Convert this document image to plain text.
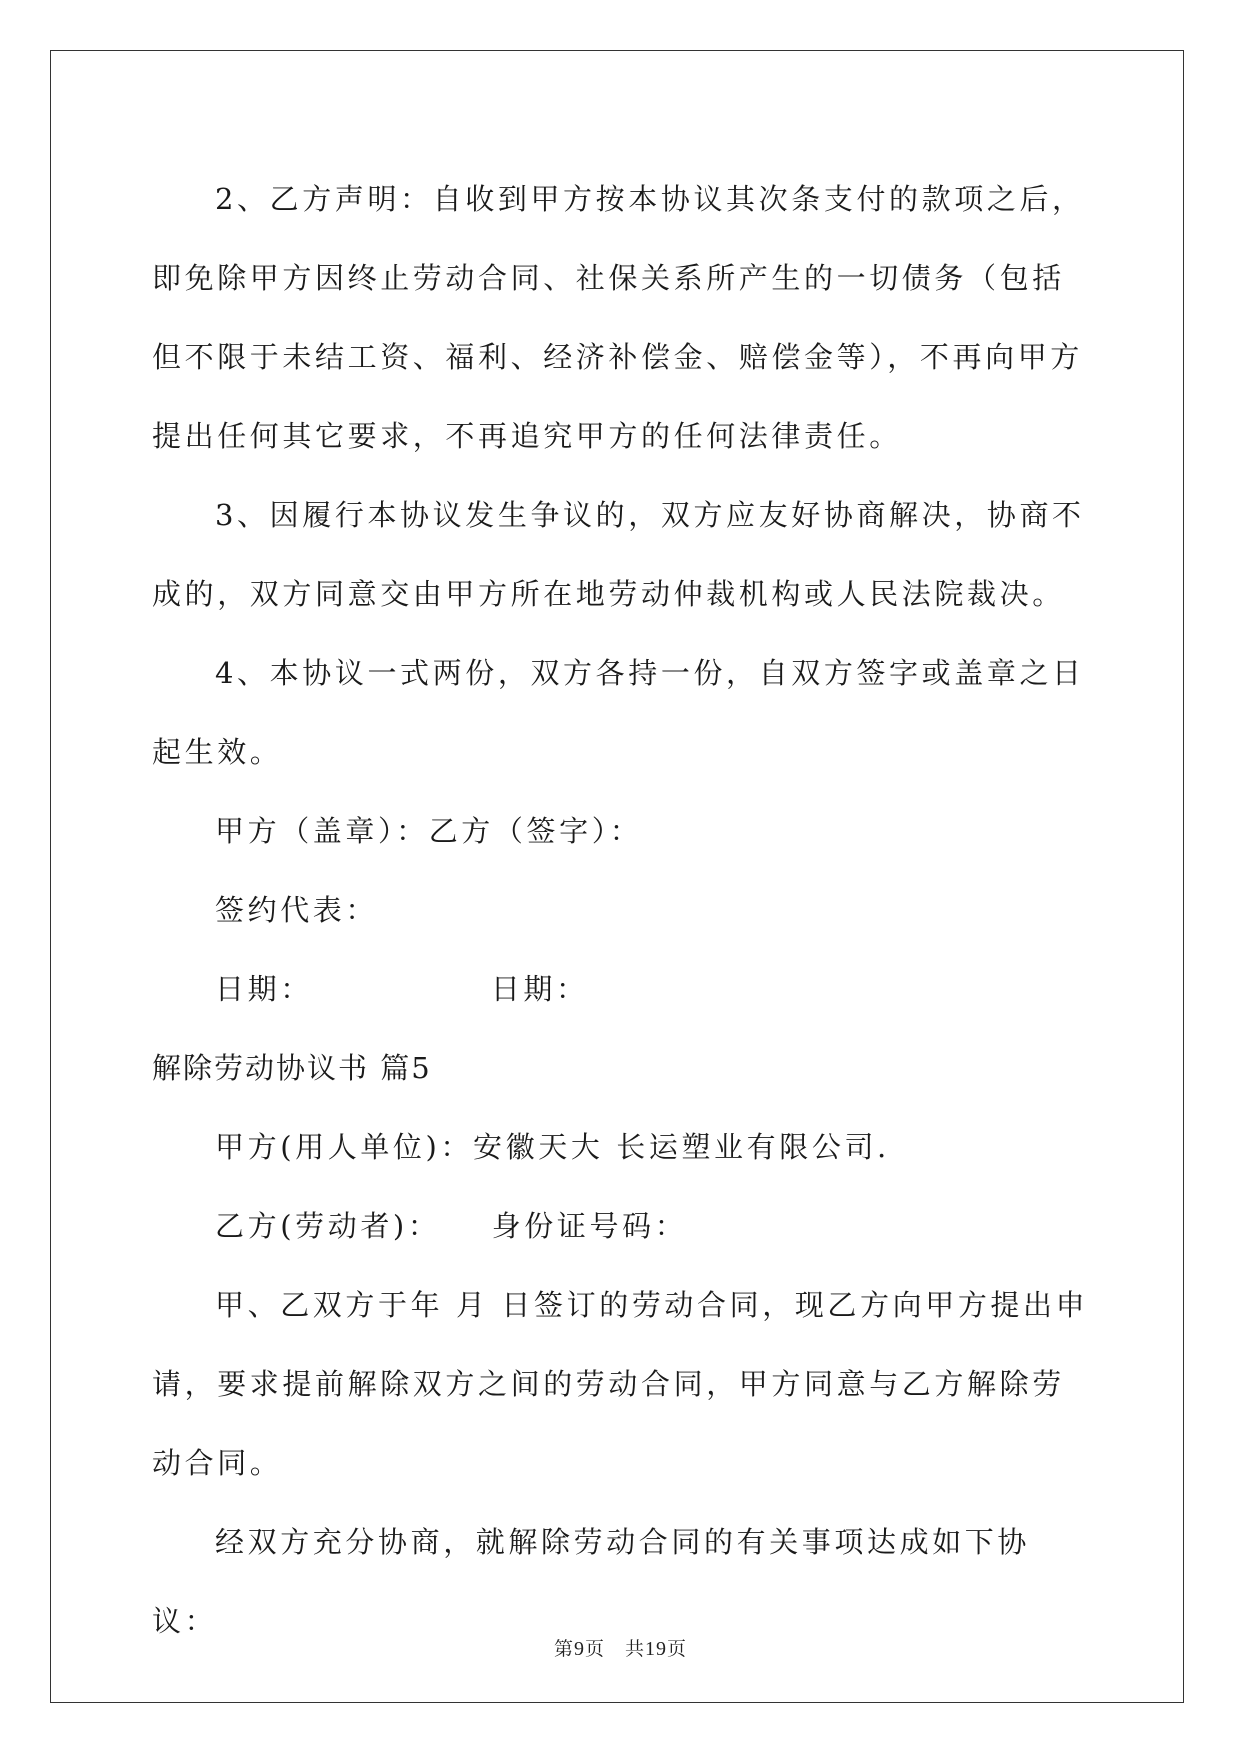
2、乙方声明：自收到甲方按本协议其次条支付的款项之后，即免除甲方因终止劳动合同、社保关系所产生的一切债务（包括但不限于未结工资、福利、经济补偿金、赔偿金等），不再向甲方提出任何其它要求，不再追究甲方的任何法律责任。

3、因履行本协议发生争议的，双方应友好协商解决，协商不成的，双方同意交由甲方所在地劳动仲裁机构或人民法院裁决。

4、本协议一式两份，双方各持一份，自双方签字或盖章之日起生效。

甲方（盖章）：乙方（签字）：

签约代表：

日期：	日期：

解除劳动协议书 篇5

甲方(用人单位)：安徽天大 长运塑业有限公司.

乙方(劳动者)：    身份证号码：

甲、乙双方于年 月 日签订的劳动合同，现乙方向甲方提出申请，要求提前解除双方之间的劳动合同，甲方同意与乙方解除劳动合同。

经双方充分协商，就解除劳动合同的有关事项达成如下协议：

第9页　共19页
